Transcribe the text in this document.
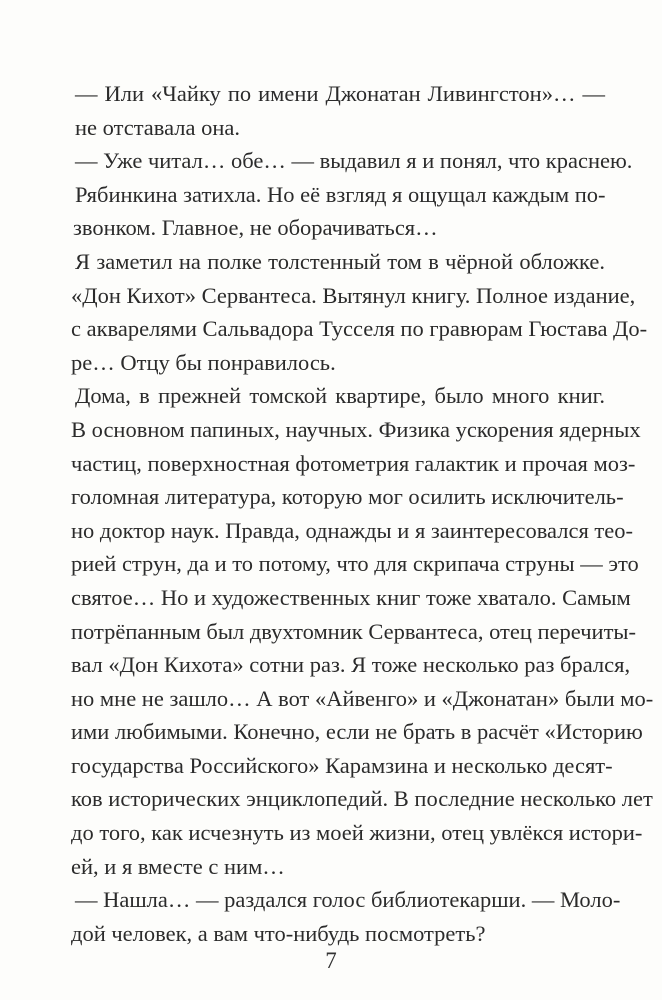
— Или «Чайку по имени Джонатан Ливингстон»… —
не отставала она.
— Уже читал… обе… — выдавил я и понял, что краснею.
Рябинкина затихла. Но её взгляд я ощущал каждым по-
звонком. Главное, не оборачиваться…
Я заметил на полке толстенный том в чёрной обложке.
«Дон Кихот» Сервантеса. Вытянул книгу. Полное издание,
с акварелями Сальвадора Тусселя по гравюрам Гюстава До-
ре… Отцу бы понравилось.
Дома, в прежней томской квартире, было много книг.
В основном папиных, научных. Физика ускорения ядерных
частиц, поверхностная фотометрия галактик и прочая моз-
голомная литература, которую мог осилить исключитель-
но доктор наук. Правда, однажды и я заинтересовался тео-
рией струн, да и то потому, что для скрипача струны — это
святое… Но и художественных книг тоже хватало. Самым
потрёпанным был двухтомник Сервантеса, отец перечиты-
вал «Дон Кихота» сотни раз. Я тоже несколько раз брался,
но мне не зашло… А вот «Айвенго» и «Джонатан» были мо-
ими любимыми. Конечно, если не брать в расчёт «Историю
государства Российского» Карамзина и несколько десят-
ков исторических энциклопедий. В последние несколько лет
до того, как исчезнуть из моей жизни, отец увлёкся истори-
ей, и я вместе с ним…
— Нашла… — раздался голос библиотекарши. — Моло-
дой человек, а вам что-нибудь посмотреть?
7
